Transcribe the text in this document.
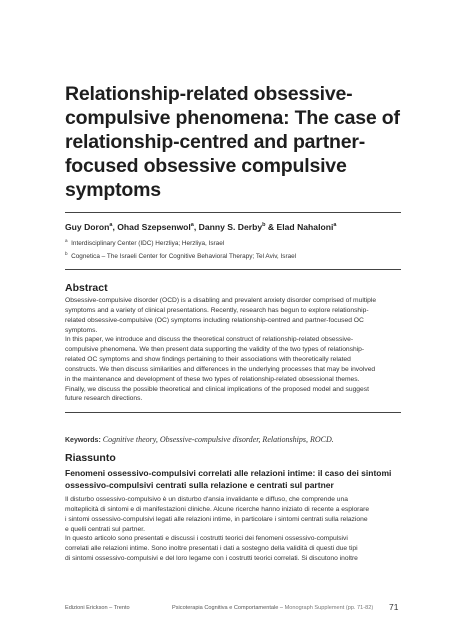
Relationship-related obsessive-compulsive phenomena: The case of relationship-centred and partner-focused obsessive compulsive symptoms
Guy Doron$^a$, Ohad Szepsenwol$^a$, Danny S. Derby$^b$ & Elad Nahaloni$^a$
$^a$ Interdisciplinary Center (IDC) Herzliya; Herzliya, Israel
$^b$ Cognetica – The Israeli Center for Cognitive Behavioral Therapy; Tel Aviv, Israel
Abstract
Obsessive-compulsive disorder (OCD) is a disabling and prevalent anxiety disorder comprised of multiple
symptoms and a variety of clinical presentations. Recently, research has begun to explore relationship-
related obsessive-compulsive (OC) symptoms including relationship-centred and partner-focused OC
symptoms.
In this paper, we introduce and discuss the theoretical construct of relationship-related obsessive-
compulsive phenomena. We then present data supporting the validity of the two types of relationship-
related OC symptoms and show findings pertaining to their associations with theoretically related
constructs. We then discuss similarities and differences in the underlying processes that may be involved
in the maintenance and development of these two types of relationship-related obsessional themes.
Finally, we discuss the possible theoretical and clinical implications of the proposed model and suggest
future research directions.
Keywords: Cognitive theory, Obsessive-compulsive disorder, Relationships, ROCD.
Riassunto
Fenomeni ossessivo-compulsivi correlati alle relazioni intime: il caso dei sintomi
ossessivo-compulsivi centrati sulla relazione e centrati sul partner
Il disturbo ossessivo-compulsivo è un disturbo d'ansia invalidante e diffuso, che comprende una
molteplicità di sintomi e di manifestazioni cliniche. Alcune ricerche hanno iniziato di recente a esplorare
i sintomi ossessivo-compulsivi legati alle relazioni intime, in particolare i sintomi centrati sulla relazione
e quelli centrati sul partner.
In questo articolo sono presentati e discussi i costrutti teorici dei fenomeni ossessivo-compulsivi
correlati alle relazioni intime. Sono inoltre presentati i dati a sostegno della validità di questi due tipi
di sintomi ossessivo-compulsivi e del loro legame con i costrutti teorici correlati. Si discutono inoltre
Edizioni Erickson – Trento	Psicoterapia Cognitiva e Comportamentale – Monograph Supplement (pp. 71-82) 71
